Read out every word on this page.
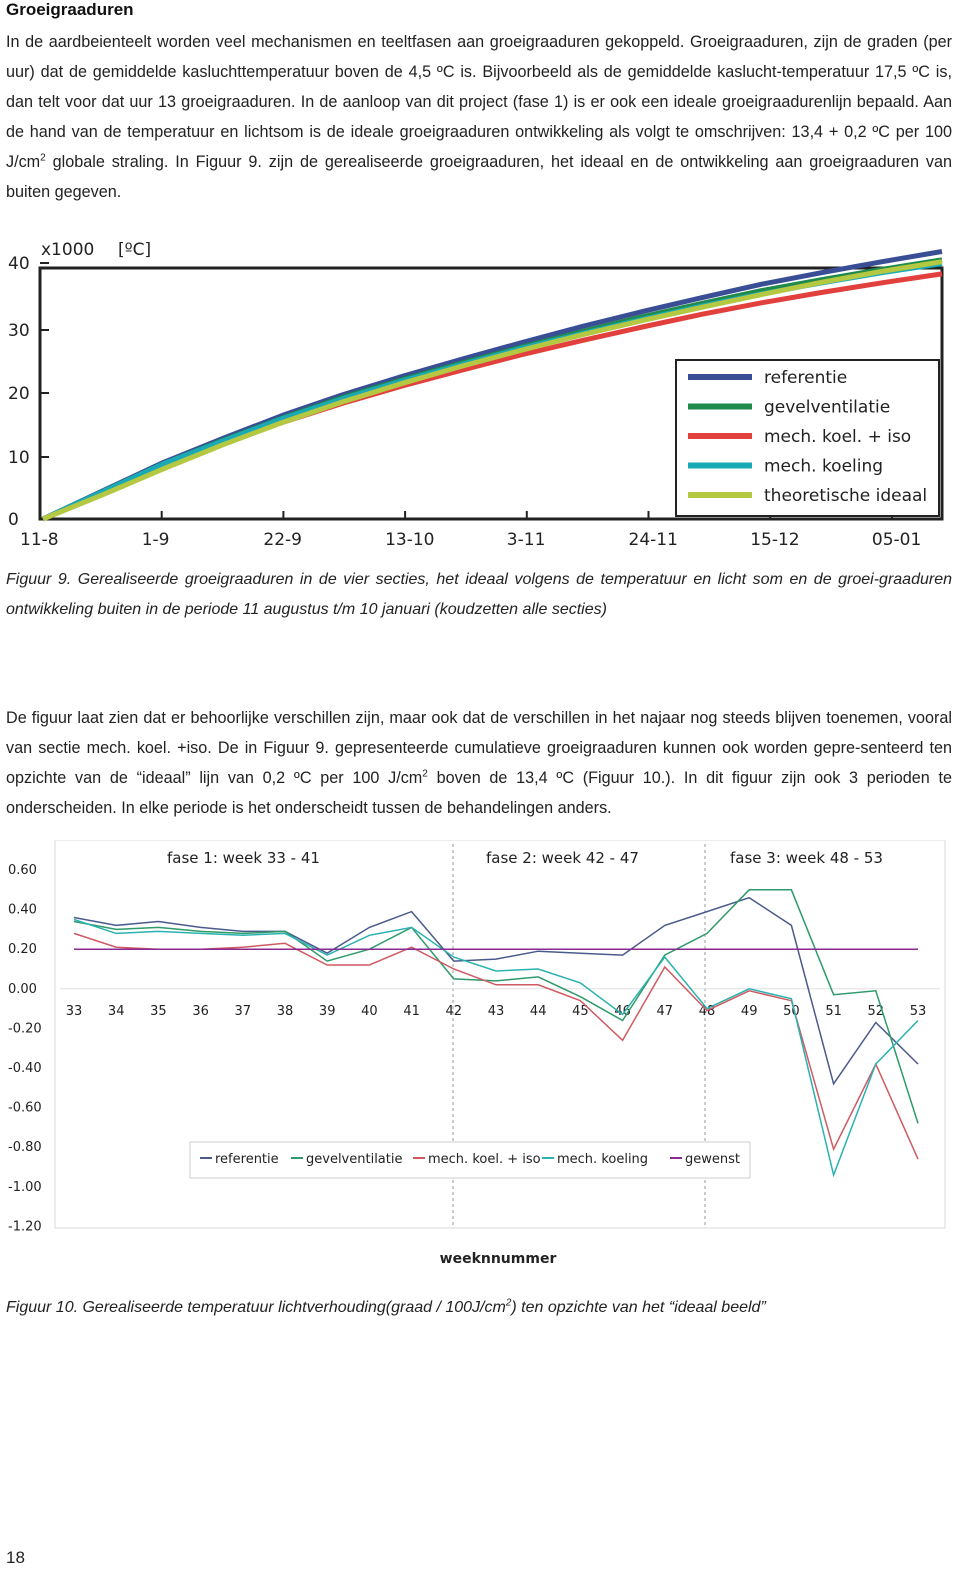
Groeigraaduren
In de aardbeienteelt worden veel mechanismen en teeltfasen aan groeigraaduren gekoppeld. Groeigraaduren, zijn de graden (per uur) dat de gemiddelde kasluchttemperatuur boven de 4,5 ºC is. Bijvoorbeeld als de gemiddelde kaslucht-temperatuur 17,5 ºC is, dan telt voor dat uur 13 groeigraaduren. In de aanloop van dit project (fase 1) is er ook een ideale groeigraadurenlijn bepaald. Aan de hand van de temperatuur en lichtsom is de ideale groeigraaduren ontwikkeling als volgt te omschrijven: 13,4 + 0,2 ºC per 100 $J/cm^2$ globale straling. In Figuur 9. zijn de gerealiseerde groeigraaduren, het ideaal en de ontwikkeling aan groeigraaduren van buiten gegeven.
0
10
20
30
40
x1000 [ºC]
11-8	1-9	22-9	13-10	3-11	24-11	15-12	05-01
referentie
gevelventilatie
mech. koel. + iso
mech. koeling
theoretische ideaal
Figuur 9. Gerealiseerde groeigraaduren in de vier secties, het ideaal volgens de temperatuur en licht som en de groei-graaduren ontwikkeling buiten in de periode 11 augustus t/m 10 januari (koudzetten alle secties)
De figuur laat zien dat er behoorlijke verschillen zijn, maar ook dat de verschillen in het najaar nog steeds blijven toenemen, vooral van sectie mech. koel. +iso. De in Figuur 9. gepresenteerde cumulatieve groeigraaduren kunnen ook worden gepre-senteerd ten opzichte van de “ideaal” lijn van 0,2 ºC per 100 $J/cm^2$ boven de 13,4 ºC (Figuur 10.). In dit figuur zijn ook 3 perioden te onderscheiden. In elke periode is het onderscheidt tussen de behandelingen anders.
0.60
0.40
0.20
0.00
-0.20
-0.40
-0.60
-0.80
-1.00
-1.20
fase 1: week 33 - 41	fase 2: week 42 - 47	fase 3: week 48 - 53
33 34 35 36 37 38 39 40 41 42 43 44 45 46 47 48 49 50 51 52 53
referentie gevelventilatie mech. koel. + iso mech. koeling	gewenst
weeknnummer
Figuur 10. Gerealiseerde temperatuur lichtverhouding(graad / $100J/cm^2$) ten opzichte van het “ideaal beeld”
18
